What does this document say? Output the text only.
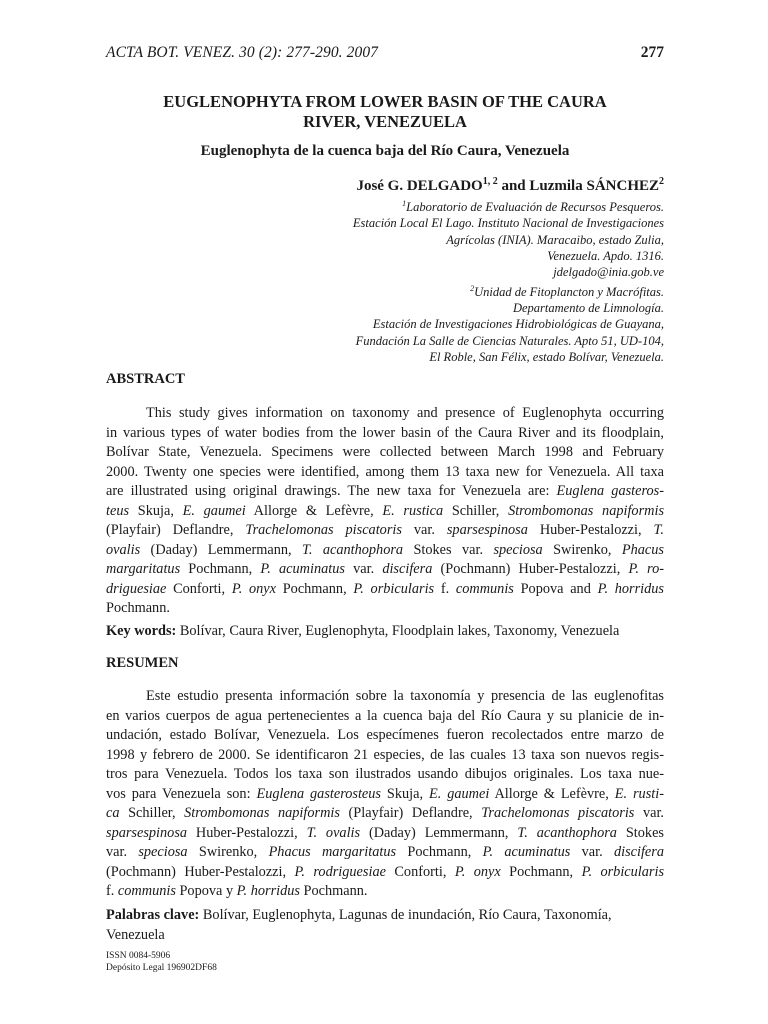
ACTA BOT. VENEZ. 30 (2): 277-290. 2007	277
EUGLENOPHYTA FROM LOWER BASIN OF THE CAURA
RIVER, VENEZUELA
Euglenophyta de la cuenca baja del Río Caura, Venezuela
José G. DELGADO$^{1, 2}$ and Luzmila SÁNCHEZ$^2$
$^1$Laboratorio de Evaluación de Recursos Pesqueros.
Estación Local El Lago. Instituto Nacional de Investigaciones
Agrícolas (INIA). Maracaibo, estado Zulia,
Venezuela. Apdo. 1316.
jdelgado@inia.gob.ve
$^2$Unidad de Fitoplancton y Macrófitas.
Departamento de Limnología.
Estación de Investigaciones Hidrobiológicas de Guayana,
Fundación La Salle de Ciencias Naturales. Apto 51, UD-104,
El Roble, San Félix, estado Bolívar, Venezuela.
ABSTRACT
This study gives information on taxonomy and presence of Euglenophyta occurring
in various types of water bodies from the lower basin of the Caura River and its floodplain,
Bolívar State, Venezuela. Specimens were collected between March 1998 and February
2000. Twenty one species were identified, among them 13 taxa new for Venezuela. All taxa
are illustrated using original drawings. The new taxa for Venezuela are: Euglena gasteros-
teus Skuja, E. gaumei Allorge & Lefèvre, E. rustica Schiller, Strombomonas napiformis
(Playfair) Deflandre, Trachelomonas piscatoris var. sparsespinosa Huber-Pestalozzi, T.
ovalis (Daday) Lemmermann, T. acanthophora Stokes var. speciosa Swirenko, Phacus
margaritatus Pochmann, P. acuminatus var. discifera (Pochmann) Huber-Pestalozzi, P. ro-
driguesiae Conforti, P. onyx Pochmann, P. orbicularis f. communis Popova and P. horridus
Pochmann.
Key words: Bolívar, Caura River, Euglenophyta, Floodplain lakes, Taxonomy, Venezuela
RESUMEN
Este estudio presenta información sobre la taxonomía y presencia de las euglenofitas
en varios cuerpos de agua pertenecientes a la cuenca baja del Río Caura y su planicie de in-
undación, estado Bolívar, Venezuela. Los especímenes fueron recolectados entre marzo de
1998 y febrero de 2000. Se identificaron 21 especies, de las cuales 13 taxa son nuevos regis-
tros para Venezuela. Todos los taxa son ilustrados usando dibujos originales. Los taxa nue-
vos para Venezuela son: Euglena gasterosteus Skuja, E. gaumei Allorge & Lefèvre, E. rusti-
ca Schiller, Strombomonas napiformis (Playfair) Deflandre, Trachelomonas piscatoris var.
sparsespinosa Huber-Pestalozzi, T. ovalis (Daday) Lemmermann, T. acanthophora Stokes
var. speciosa Swirenko, Phacus margaritatus Pochmann, P. acuminatus var. discifera
(Pochmann) Huber-Pestalozzi, P. rodriguesiae Conforti, P. onyx Pochmann, P. orbicularis
f. communis Popova y P. horridus Pochmann.
Palabras clave: Bolívar, Euglenophyta, Lagunas de inundación, Río Caura, Taxonomía,
Venezuela
ISSN 0084-5906
Depósito Legal 196902DF68
